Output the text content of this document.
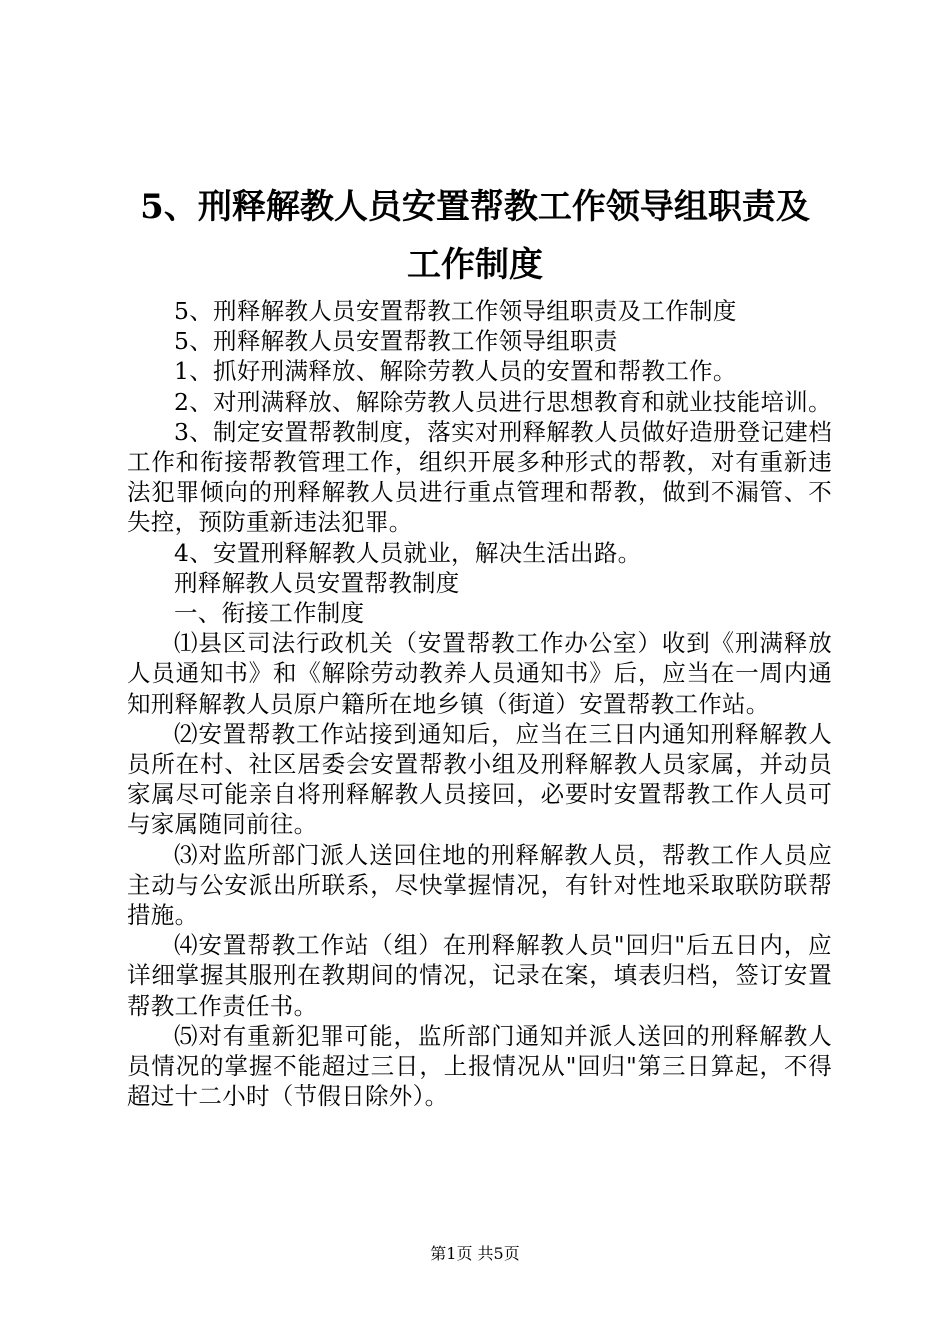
5、刑释解教人员安置帮教工作领导组职责及
工作制度

5、刑释解教人员安置帮教工作领导组职责及工作制度

5、刑释解教人员安置帮教工作领导组职责

1、抓好刑满释放、解除劳教人员的安置和帮教工作。

2、对刑满释放、解除劳教人员进行思想教育和就业技能培训。

3、制定安置帮教制度，落实对刑释解教人员做好造册登记建档工作和衔接帮教管理工作，组织开展多种形式的帮教，对有重新违法犯罪倾向的刑释解教人员进行重点管理和帮教，做到不漏管、不失控，预防重新违法犯罪。

4、安置刑释解教人员就业，解决生活出路。

刑释解教人员安置帮教制度

一、衔接工作制度

⑴县区司法行政机关（安置帮教工作办公室）收到《刑满释放人员通知书》和《解除劳动教养人员通知书》后，应当在一周内通知刑释解教人员原户籍所在地乡镇（街道）安置帮教工作站。

⑵安置帮教工作站接到通知后，应当在三日内通知刑释解教人员所在村、社区居委会安置帮教小组及刑释解教人员家属，并动员家属尽可能亲自将刑释解教人员接回，必要时安置帮教工作人员可与家属随同前往。

⑶对监所部门派人送回住地的刑释解教人员，帮教工作人员应主动与公安派出所联系，尽快掌握情况，有针对性地采取联防联帮措施。

⑷安置帮教工作站（组）在刑释解教人员"回归"后五日内，应详细掌握其服刑在教期间的情况，记录在案，填表归档，签订安置帮教工作责任书。

⑸对有重新犯罪可能，监所部门通知并派人送回的刑释解教人员情况的掌握不能超过三日，上报情况从"回归"第三日算起，不得超过十二小时（节假日除外）。

第1页 共5页
